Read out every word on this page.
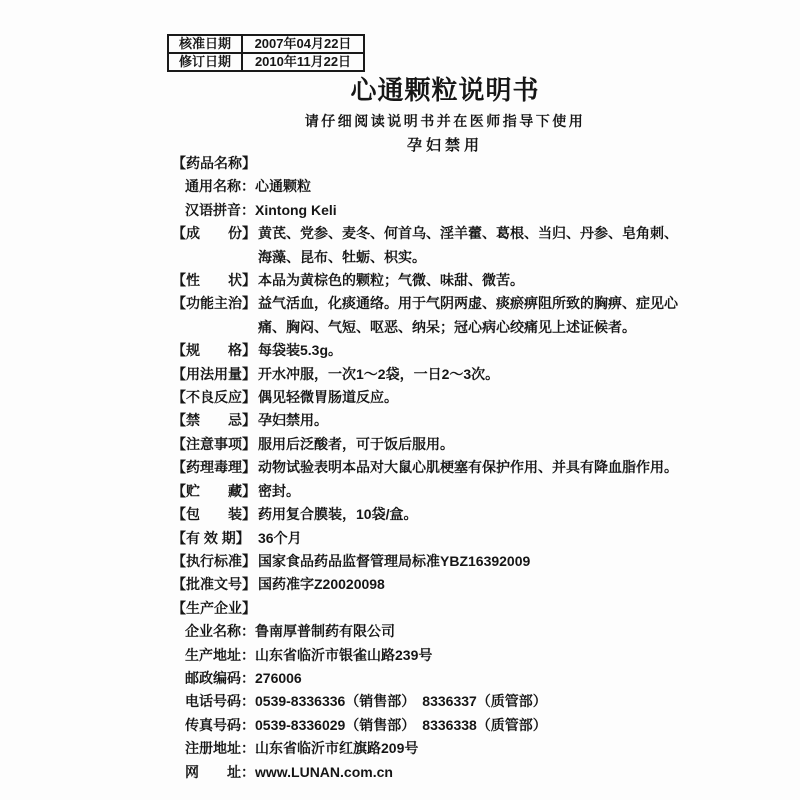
核准日期	2007年04月22日
修订日期	2010年11月22日
心通颗粒说明书
请仔细阅读说明书并在医师指导下使用
孕妇禁用
【药品名称】
通用名称：心通颗粒
汉语拼音：Xintong Keli
【成　　份】 黄芪、党参、麦冬、何首乌、淫羊藿、葛根、当归、丹参、皂角刺、海藻、昆布、牡蛎、枳实。
【性　　状】 本品为黄棕色的颗粒；气微、味甜、微苦。
【功能主治】 益气活血，化痰通络。用于气阴两虚、痰瘀痹阻所致的胸痹、症见心痛、胸闷、气短、呕恶、纳呆；冠心病心绞痛见上述证候者。
【规　　格】 每袋装5.3g。
【用法用量】 开水冲服，一次1～2袋，一日2～3次。
【不良反应】 偶见轻微胃肠道反应。
【禁　　忌】 孕妇禁用。
【注意事项】 服用后泛酸者，可于饭后服用。
【药理毒理】 动物试验表明本品对大鼠心肌梗塞有保护作用、并具有降血脂作用。
【贮　　藏】 密封。
【包　　装】 药用复合膜装，10袋/盒。
【有 效 期】 36个月
【执行标准】 国家食品药品监督管理局标准YBZ16392009
【批准文号】 国药准字Z20020098
【生产企业】
企业名称：鲁南厚普制药有限公司
生产地址：山东省临沂市银雀山路239号
邮政编码：276006
电话号码：0539-8336336（销售部）　8336337（质管部）
传真号码：0539-8336029（销售部）　8336338（质管部）
注册地址：山东省临沂市红旗路209号
网　　址：www.LUNAN.com.cn
